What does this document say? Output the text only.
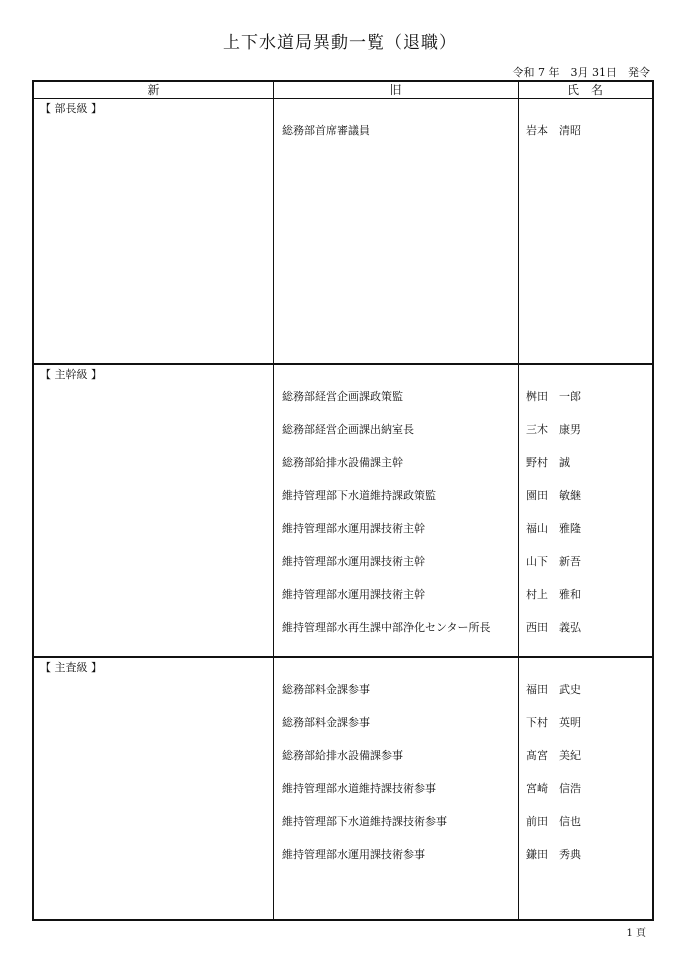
上下水道局異動一覧（退職）
令和 7 年　3月 31日　発令
新	旧	氏　名
【 部長級 】
総務部首席審議員	岩本　清昭
【 主幹級 】
総務部経営企画課政策監	桝田　一郎
総務部経営企画課出納室長	三木　康男
総務部給排水設備課主幹	野村　誠
維持管理部下水道維持課政策監	園田　敏継
維持管理部水運用課技術主幹	福山　雅隆
維持管理部水運用課技術主幹	山下　新吾
維持管理部水運用課技術主幹	村上　雅和
維持管理部水再生課中部浄化センター所長	西田　義弘
【 主査級 】
総務部料金課参事	福田　武史
総務部料金課参事	下村　英明
総務部給排水設備課参事	髙宮　美紀
維持管理部水道維持課技術参事	宮崎　信浩
維持管理部下水道維持課技術参事	前田　信也
維持管理部水運用課技術参事	鎌田　秀典
1 頁
